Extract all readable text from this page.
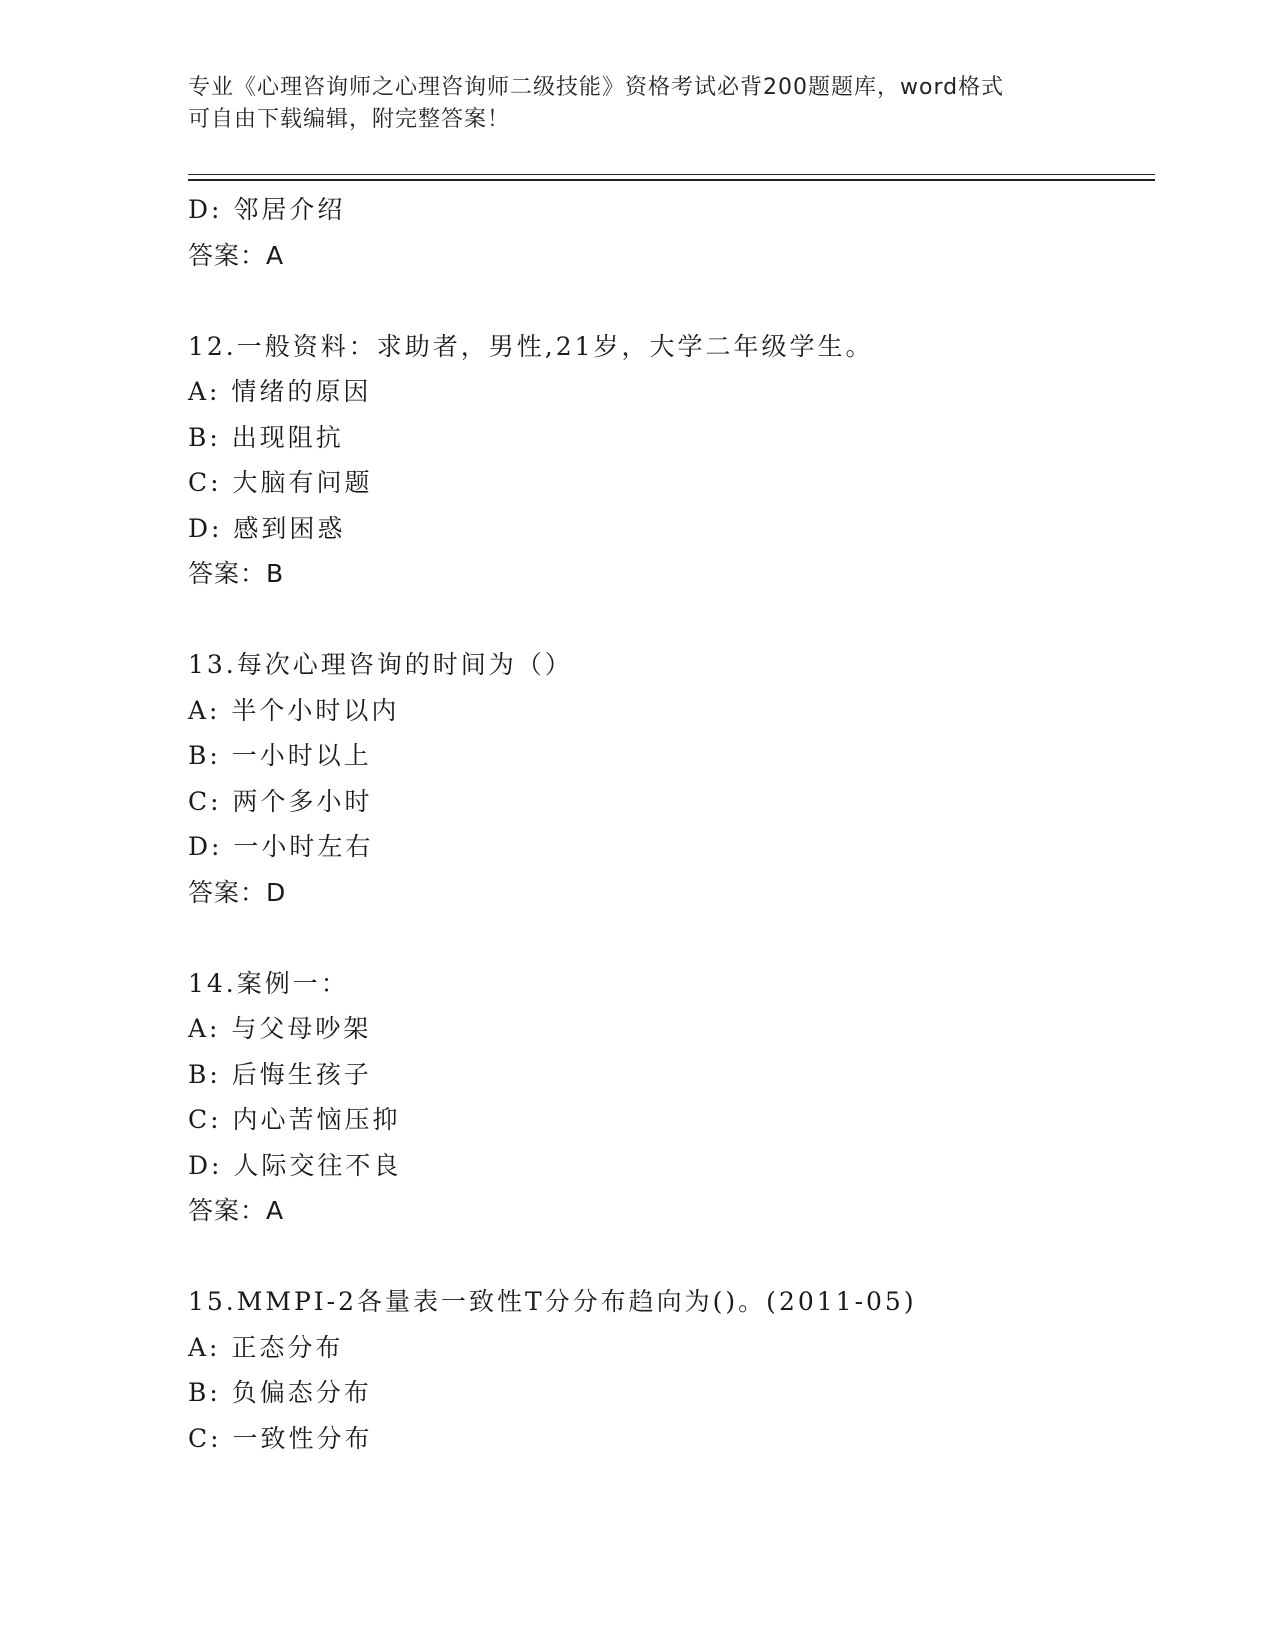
专业《心理咨询师之心理咨询师二级技能》资格考试必背200题题库，word格式
可自由下载编辑，附完整答案！
D: 邻居介绍
答案：A
12.一般资料：求助者，男性,21岁，大学二年级学生。
A: 情绪的原因
B: 出现阻抗
C: 大脑有问题
D: 感到困惑
答案：B
13.每次心理咨询的时间为（）
A: 半个小时以内
B: 一小时以上
C: 两个多小时
D: 一小时左右
答案：D
14.案例一：
A: 与父母吵架
B: 后悔生孩子
C: 内心苦恼压抑
D: 人际交往不良
答案：A
15.MMPI-2各量表一致性T分分布趋向为()。(2011-05)
A: 正态分布
B: 负偏态分布
C: 一致性分布
